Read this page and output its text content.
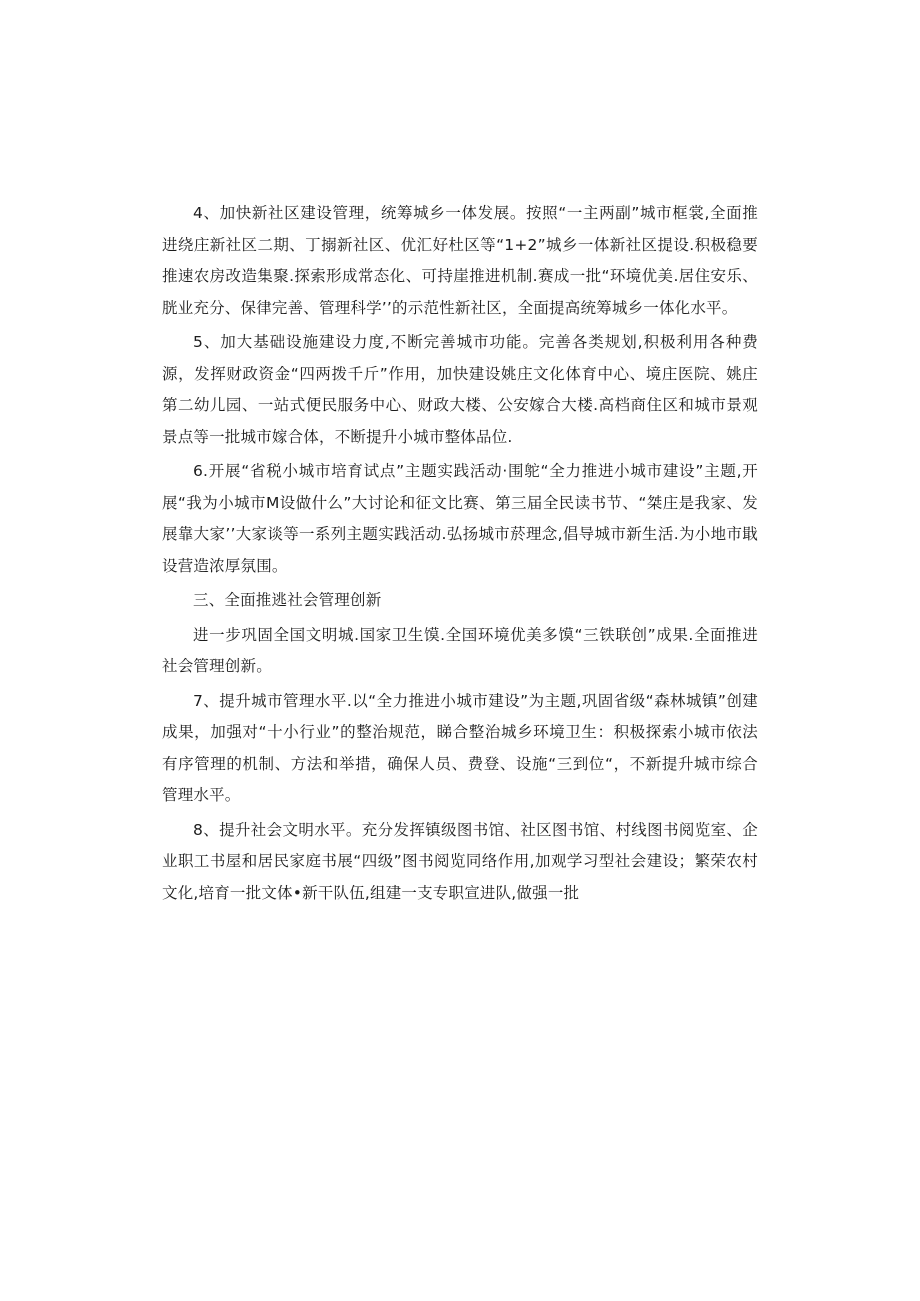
4、加快新社区建设管理，统筹城乡一体发展。按照“一主两副”城市框裳,全面推进绕庄新社区二期、丁搦新社区、优汇好杜区等“1+2”城乡一体新社区提设.积极稳要推速农房改造集聚.探索形成常态化、可持崖推进机制.赛成一批“环境优美.居住安乐、胱业充分、保律完善、管理科学’’的示范性新社区，全面提高统筹城乡一体化水平。

5、加大基础设施建设力度,不断完善城市功能。完善各类规划,积极利用各种费源，发挥财政资金“四两拨千斤”作用，加快建设姚庄文化体育中心、境庄医院、姚庄第二幼儿园、一站式便民服务中心、财政大楼、公安嫁合大楼.高档商住区和城市景观景点等一批城市嫁合体，不断提升小城市整体品位.

6.开展“省税小城市培育试点”主题实践活动·围鸵“全力推进小城市建设”主题,开展“我为小城市M设做什么”大讨论和征文比赛、第三届全民读书节、“桀庄是我家、发展靠大家’’大家谈等一系列主题实践活动.弘扬城市菸理念,倡导城市新生活.为小地市戢设营造浓厚氛围。

三、全面推逃社会管理创新

进一步巩固全国文明城.国家卫生馍.全国环境优美多馍“三铁联创”成果.全面推进社会管理创新。

7、提升城市管理水平.以“全力推进小城市建设”为主题,巩固省级“森林城镇”创建成果，加强对“十小行业”的整治规范，睇合整治城乡环境卫生：积极探索小城市依法有序管理的机制、方法和举措，确保人员、费登、设施“三到位“，不新提升城市综合管理水平。

8、提升社会文明水平。充分发挥镇级图书馆、社区图书馆、村线图书阅览室、企业职工书屋和居民家庭书展“四级”图书阅览同络作用,加观学习型社会建设；繁荣农村文化,培育一批文体•新干队伍,组建一支专职宣进队,做强一批
